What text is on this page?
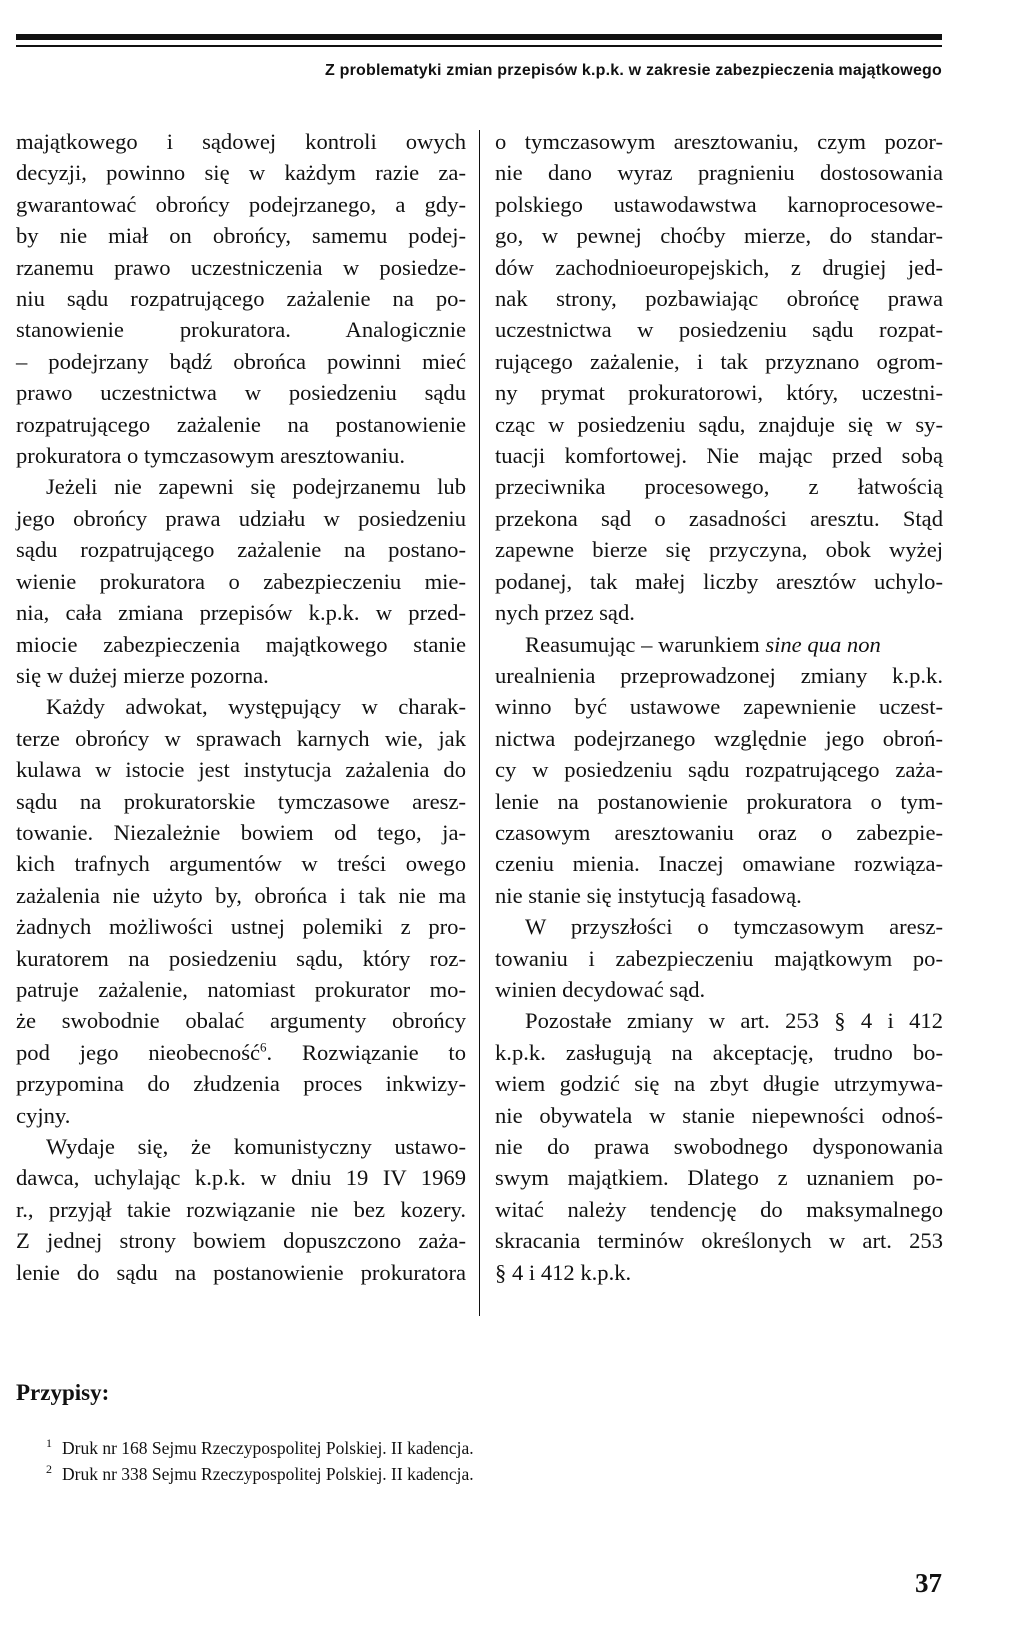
Z problematyki zmian przepisów k.p.k. w zakresie zabezpieczenia majątkowego

majątkowego i sądowej kontroli owych

decyzji, powinno się w każdym razie za-

gwarantować obrońcy podejrzanego, a gdy-

by nie miał on obrońcy, samemu podej-

rzanemu prawo uczestniczenia w posiedze-

niu sądu rozpatrującego zażalenie na po-

stanowienie prokuratora. Analogicznie

– podejrzany bądź obrońca powinni mieć

prawo uczestnictwa w posiedzeniu sądu

rozpatrującego zażalenie na postanowienie

prokuratora o tymczasowym aresztowaniu.

Jeżeli nie zapewni się podejrzanemu lub

jego obrońcy prawa udziału w posiedzeniu

sądu rozpatrującego zażalenie na postano-

wienie prokuratora o zabezpieczeniu mie-

nia, cała zmiana przepisów k.p.k. w przed-

miocie zabezpieczenia majątkowego stanie

się w dużej mierze pozorna.

Każdy adwokat, występujący w charak-

terze obrońcy w sprawach karnych wie, jak

kulawa w istocie jest instytucja zażalenia do

sądu na prokuratorskie tymczasowe aresz-

towanie. Niezależnie bowiem od tego, ja-

kich trafnych argumentów w treści owego

zażalenia nie użyto by, obrońca i tak nie ma

żadnych możliwości ustnej polemiki z pro-

kuratorem na posiedzeniu sądu, który roz-

patruje zażalenie, natomiast prokurator mo-

że swobodnie obalać argumenty obrońcy

pod jego nieobecność$^6$. Rozwiązanie to

przypomina do złudzenia proces inkwizy-

cyjny.

Wydaje się, że komunistyczny ustawo-

dawca, uchylając k.p.k. w dniu 19 IV 1969

r., przyjął takie rozwiązanie nie bez kozery.

Z jednej strony bowiem dopuszczono zaża-

lenie do sądu na postanowienie prokuratora

o tymczasowym aresztowaniu, czym pozor-

nie dano wyraz pragnieniu dostosowania

polskiego ustawodawstwa karnoprocesowe-

go, w pewnej choćby mierze, do standar-

dów zachodnioeuropejskich, z drugiej jed-

nak strony, pozbawiając obrońcę prawa

uczestnictwa w posiedzeniu sądu rozpat-

rującego zażalenie, i tak przyznano ogrom-

ny prymat prokuratorowi, który, uczestni-

cząc w posiedzeniu sądu, znajduje się w sy-

tuacji komfortowej. Nie mając przed sobą

przeciwnika procesowego, z łatwością

przekona sąd o zasadności aresztu. Stąd

zapewne bierze się przyczyna, obok wyżej

podanej, tak małej liczby aresztów uchylo-

nych przez sąd.

Reasumując – warunkiem sine qua non

urealnienia przeprowadzonej zmiany k.p.k.

winno być ustawowe zapewnienie uczest-

nictwa podejrzanego względnie jego obroń-

cy w posiedzeniu sądu rozpatrującego zaża-

lenie na postanowienie prokuratora o tym-

czasowym aresztowaniu oraz o zabezpie-

czeniu mienia. Inaczej omawiane rozwiąza-

nie stanie się instytucją fasadową.

W przyszłości o tymczasowym aresz-

towaniu i zabezpieczeniu majątkowym po-

winien decydować sąd.

Pozostałe zmiany w art. 253 § 4 i 412

k.p.k. zasługują na akceptację, trudno bo-

wiem godzić się na zbyt długie utrzymywa-

nie obywatela w stanie niepewności odnoś-

nie do prawa swobodnego dysponowania

swym majątkiem. Dlatego z uznaniem po-

witać należy tendencję do maksymalnego

skracania terminów określonych w art. 253

§ 4 i 412 k.p.k.

Przypisy:
1 Druk nr 168 Sejmu Rzeczypospolitej Polskiej. II kadencja.
2 Druk nr 338 Sejmu Rzeczypospolitej Polskiej. II kadencja.
37
